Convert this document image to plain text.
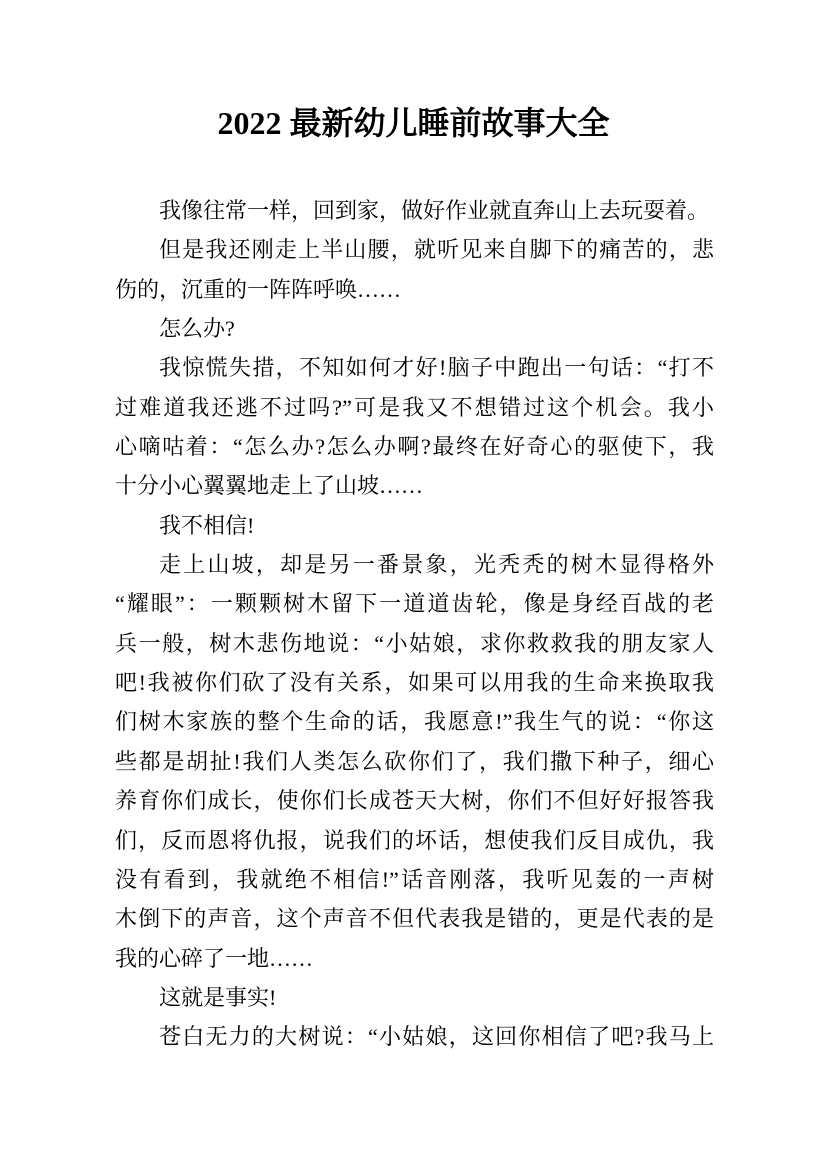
2022 最新幼儿睡前故事大全
我像往常一样，回到家，做好作业就直奔山上去玩耍着。
但是我还刚走上半山腰，就听见来自脚下的痛苦的，悲
伤的，沉重的一阵阵呼唤……
怎么办?
我惊慌失措，不知如何才好!脑子中跑出一句话：“打不
过难道我还逃不过吗?”可是我又不想错过这个机会。我小
心嘀咕着：“怎么办?怎么办啊?最终在好奇心的驱使下，我
十分小心翼翼地走上了山坡……
我不相信!
走上山坡，却是另一番景象，光秃秃的树木显得格外
“耀眼”：一颗颗树木留下一道道齿轮，像是身经百战的老
兵一般，树木悲伤地说：“小姑娘，求你救救我的朋友家人
吧!我被你们砍了没有关系，如果可以用我的生命来换取我
们树木家族的整个生命的话，我愿意!”我生气的说：“你这
些都是胡扯!我们人类怎么砍你们了，我们撒下种子，细心
养育你们成长，使你们长成苍天大树，你们不但好好报答我
们，反而恩将仇报，说我们的坏话，想使我们反目成仇，我
没有看到，我就绝不相信!”话音刚落，我听见轰的一声树
木倒下的声音，这个声音不但代表我是错的，更是代表的是
我的心碎了一地……
这就是事实!
苍白无力的大树说：“小姑娘，这回你相信了吧?我马上
